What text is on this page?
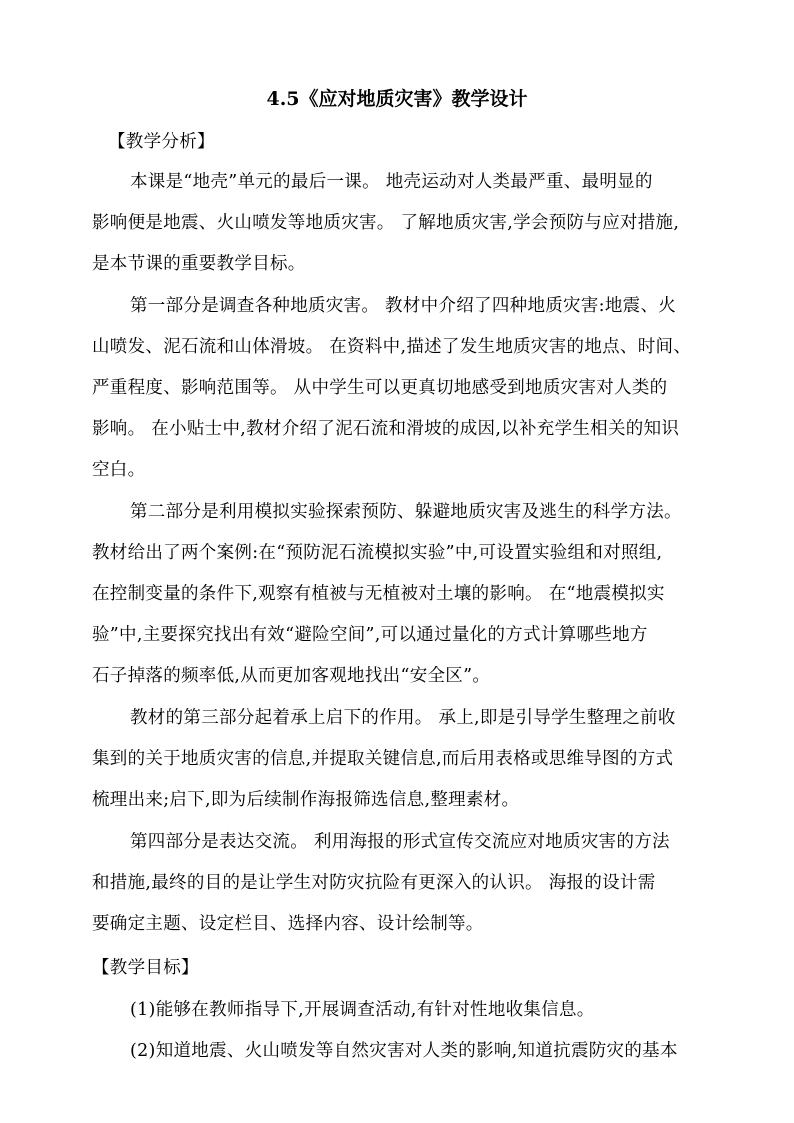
4.5《应对地质灾害》教学设计
【教学分析】
本课是“地壳”单元的最后一课。 地壳运动对人类最严重、最明显的
影响便是地震、火山喷发等地质灾害。 了解地质灾害,学会预防与应对措施,
是本节课的重要教学目标。
第一部分是调查各种地质灾害。 教材中介绍了四种地质灾害:地震、火
山喷发、泥石流和山体滑坡。 在资料中,描述了发生地质灾害的地点、时间、
严重程度、影响范围等。 从中学生可以更真切地感受到地质灾害对人类的
影响。 在小贴士中,教材介绍了泥石流和滑坡的成因,以补充学生相关的知识
空白。
第二部分是利用模拟实验探索预防、躲避地质灾害及逃生的科学方法。
教材给出了两个案例:在“预防泥石流模拟实验”中,可设置实验组和对照组,
在控制变量的条件下,观察有植被与无植被对土壤的影响。 在“地震模拟实
验”中,主要探究找出有效“避险空间”,可以通过量化的方式计算哪些地方
石子掉落的频率低,从而更加客观地找出“安全区”。
教材的第三部分起着承上启下的作用。 承上,即是引导学生整理之前收
集到的关于地质灾害的信息,并提取关键信息,而后用表格或思维导图的方式
梳理出来;启下,即为后续制作海报筛选信息,整理素材。
第四部分是表达交流。 利用海报的形式宣传交流应对地质灾害的方法
和措施,最终的目的是让学生对防灾抗险有更深入的认识。 海报的设计需
要确定主题、设定栏目、选择内容、设计绘制等。
【教学目标】
(1)能够在教师指导下,开展调查活动,有针对性地收集信息。
(2)知道地震、火山喷发等自然灾害对人类的影响,知道抗震防灾的基本
